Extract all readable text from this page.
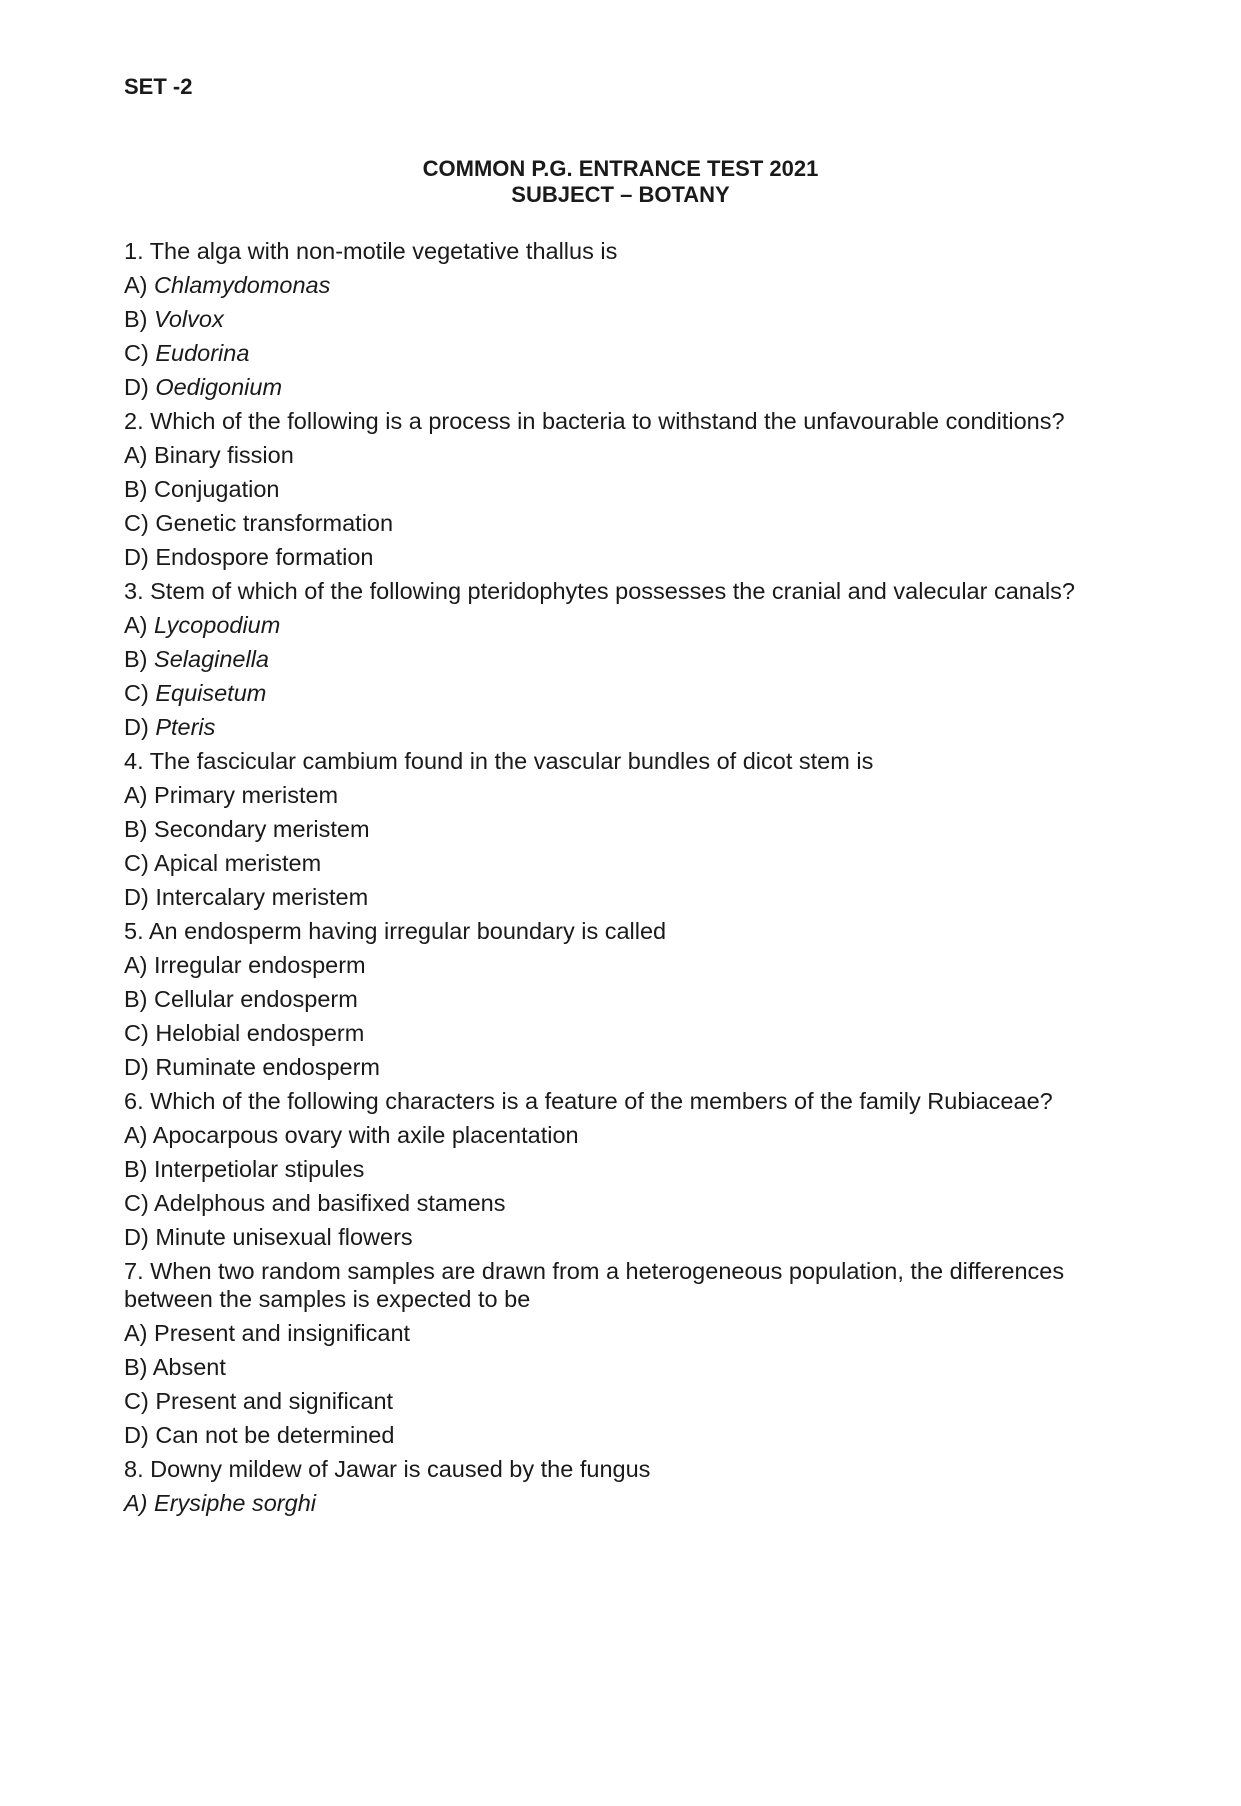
SET -2
COMMON P.G. ENTRANCE TEST 2021
SUBJECT – BOTANY
1. The alga with non-motile vegetative thallus is
A) Chlamydomonas
B) Volvox
C) Eudorina
D) Oedigonium
2. Which of the following is a process in bacteria to withstand the unfavourable conditions?
A) Binary fission
B) Conjugation
C) Genetic transformation
D) Endospore formation
3. Stem of which of the following pteridophytes possesses the cranial and valecular canals?
A) Lycopodium
B) Selaginella
C) Equisetum
D) Pteris
4. The fascicular cambium found in the vascular bundles of dicot stem is
A) Primary meristem
B) Secondary meristem
C) Apical meristem
D) Intercalary meristem
5. An endosperm having irregular boundary is called
A) Irregular endosperm
B) Cellular endosperm
C) Helobial endosperm
D) Ruminate endosperm
6. Which of the following characters is a feature of the members of the family Rubiaceae?
A) Apocarpous ovary with axile placentation
B) Interpetiolar stipules
C) Adelphous and basifixed stamens
D) Minute unisexual flowers
7. When two random samples are drawn from a heterogeneous population, the differences between the samples is expected to be
A) Present and insignificant
B) Absent
C) Present and significant
D) Can not be determined
8. Downy mildew of Jawar is caused by the fungus
A) Erysiphe sorghi
